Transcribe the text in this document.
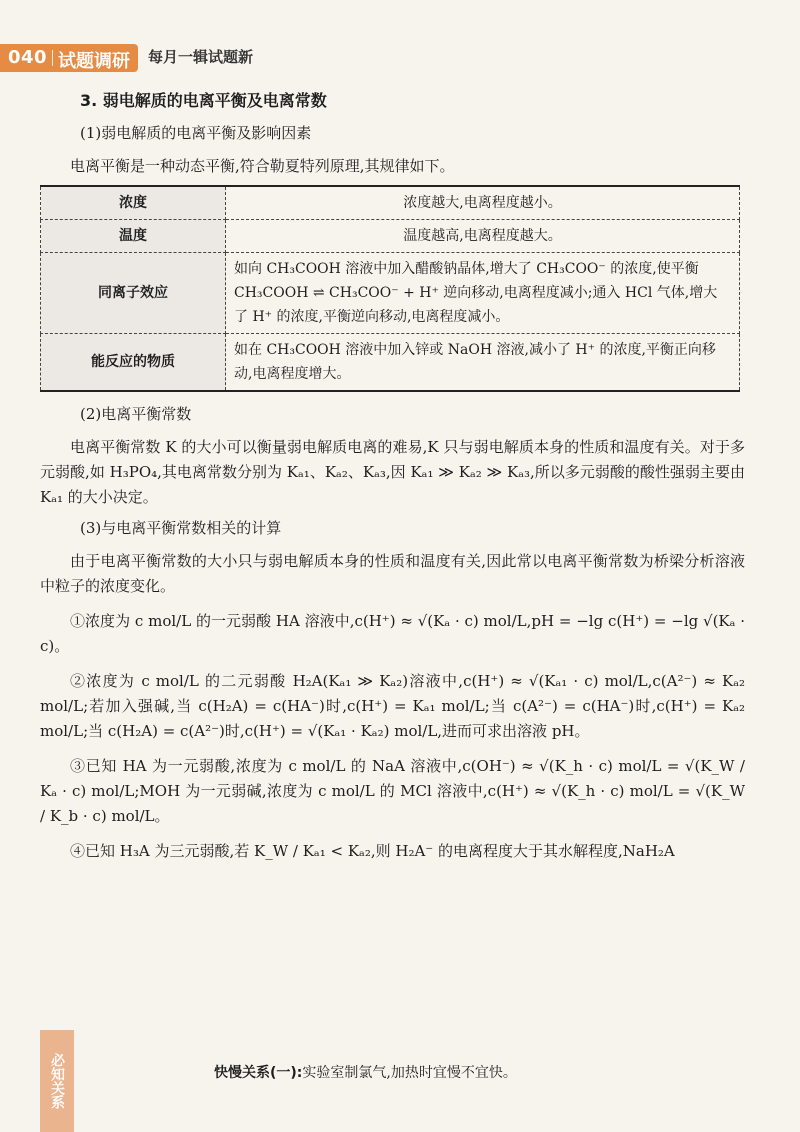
040 试题调研 每月一辑试题新
3. 弱电解质的电离平衡及电离常数
(1)弱电解质的电离平衡及影响因素
电离平衡是一种动态平衡,符合勒夏特列原理,其规律如下。
浓度	浓度越大,电离程度越小。
温度	温度越高,电离程度越大。
同离子效应	如向 CH₃COOH 溶液中加入醋酸钠晶体,增大了 CH₃COO⁻ 的浓度,使平衡 CH₃COOH ⇌ CH₃COO⁻ + H⁺ 逆向移动,电离程度减小;通入 HCl 气体,增大了 H⁺ 的浓度,平衡逆向移动,电离程度减小。
能反应的物质	如在 CH₃COOH 溶液中加入锌或 NaOH 溶液,减小了 H⁺ 的浓度,平衡正向移动,电离程度增大。
(2)电离平衡常数
电离平衡常数 K 的大小可以衡量弱电解质电离的难易,K 只与弱电解质本身的性质和温度有关。对于多元弱酸,如 H₃PO₄,其电离常数分别为 Kₐ₁、Kₐ₂、Kₐ₃,因 Kₐ₁ ≫ Kₐ₂ ≫ Kₐ₃,所以多元弱酸的酸性强弱主要由 Kₐ₁ 的大小决定。
(3)与电离平衡常数相关的计算
由于电离平衡常数的大小只与弱电解质本身的性质和温度有关,因此常以电离平衡常数为桥梁分析溶液中粒子的浓度变化。
①浓度为 c mol/L 的一元弱酸 HA 溶液中,c(H⁺) ≈ √(Kₐ · c) mol/L,pH = −lg c(H⁺) = −lg √(Kₐ · c)。
②浓度为 c mol/L 的二元弱酸 H₂A(Kₐ₁ ≫ Kₐ₂)溶液中,c(H⁺) ≈ √(Kₐ₁ · c) mol/L,c(A²⁻) ≈ Kₐ₂ mol/L;若加入强碱,当 c(H₂A) = c(HA⁻)时,c(H⁺) = Kₐ₁ mol/L;当 c(A²⁻) = c(HA⁻)时,c(H⁺) = Kₐ₂ mol/L;当 c(H₂A) = c(A²⁻)时,c(H⁺) = √(Kₐ₁ · Kₐ₂) mol/L,进而可求出溶液 pH。
③已知 HA 为一元弱酸,浓度为 c mol/L 的 NaA 溶液中,c(OH⁻) ≈ √(K_h · c) mol/L = √(K_W / Kₐ · c) mol/L;MOH 为一元弱碱,浓度为 c mol/L 的 MCl 溶液中,c(H⁺) ≈ √(K_h · c) mol/L = √(K_W / K_b · c) mol/L。
④已知 H₃A 为三元弱酸,若 K_W / Kₐ₁ < Kₐ₂,则 H₂A⁻ 的电离程度大于其水解程度,NaH₂A
必知关系	快慢关系(一):实验室制氯气,加热时宜慢不宜快。
